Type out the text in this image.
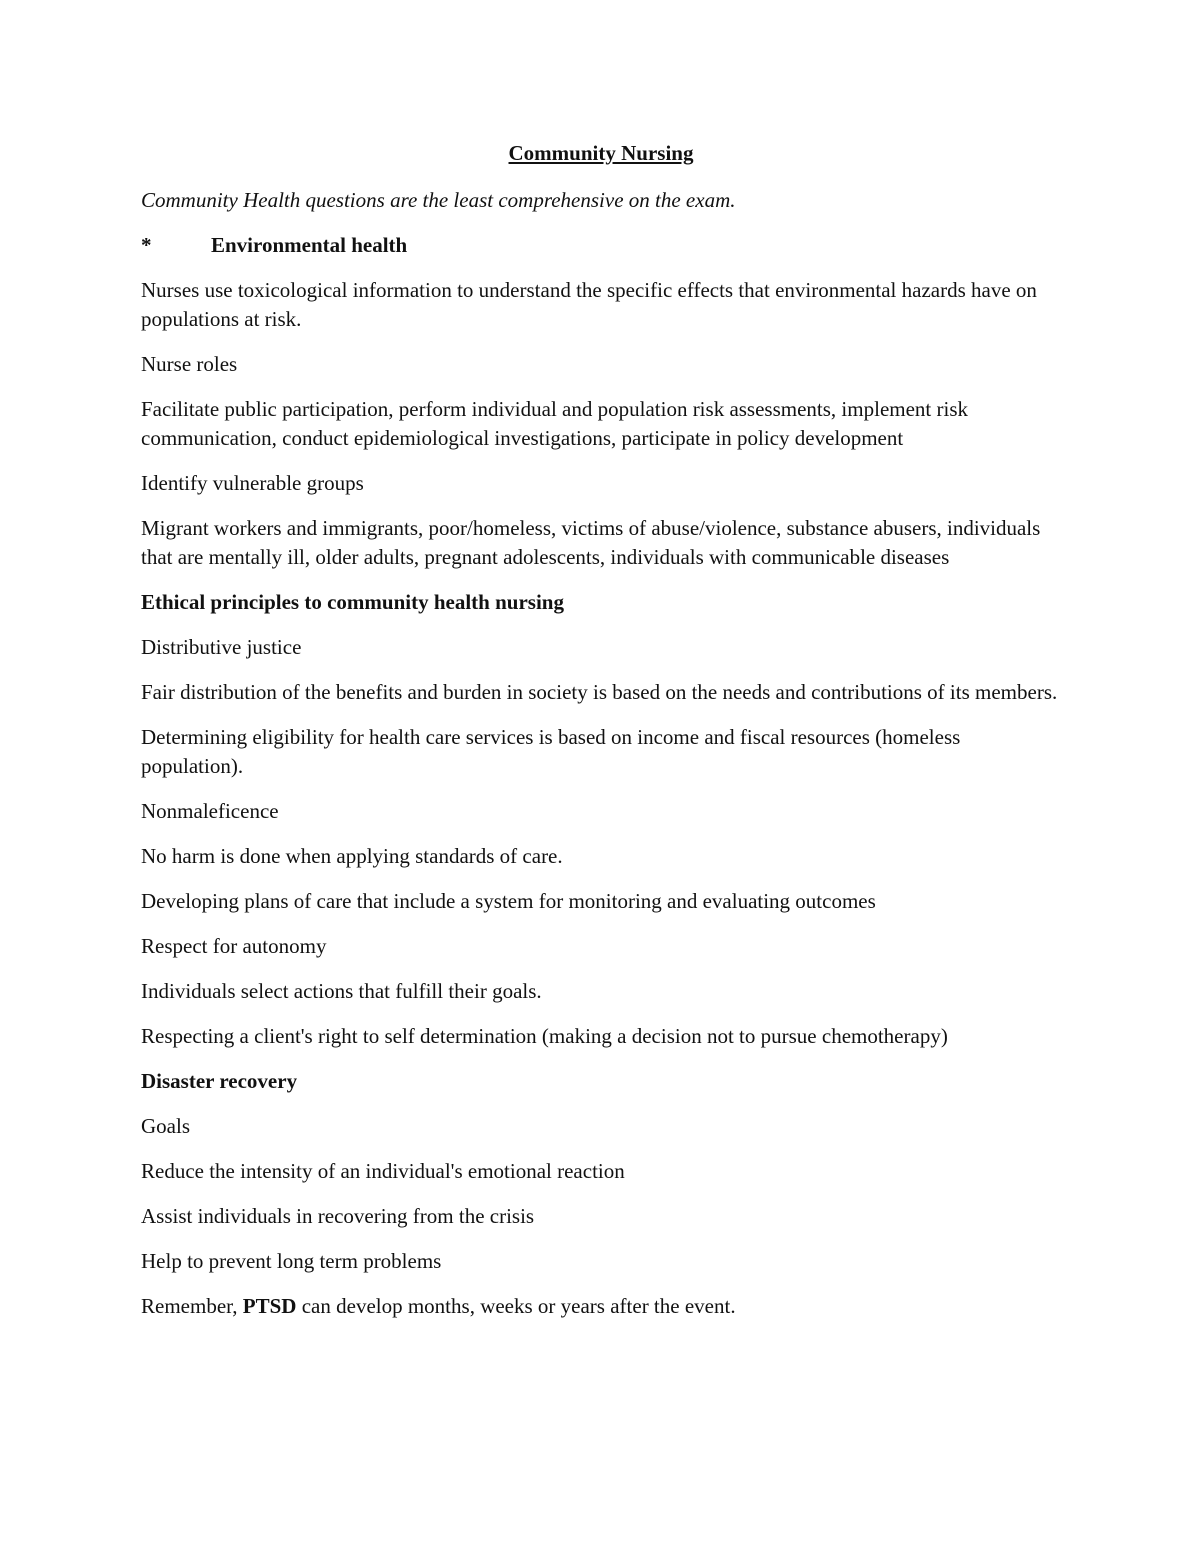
Community Nursing
Community Health questions are the least comprehensive on the exam.
*	Environmental health
Nurses use toxicological information to understand the specific effects that environmental hazards have on populations at risk.
Nurse roles
Facilitate public participation, perform individual and population risk assessments, implement risk communication, conduct epidemiological investigations, participate in policy development
Identify vulnerable groups
Migrant workers and immigrants, poor/homeless, victims of abuse/violence, substance abusers, individuals that are mentally ill, older adults, pregnant adolescents, individuals with communicable diseases
Ethical principles to community health nursing
Distributive justice
Fair distribution of the benefits and burden in society is based on the needs and contributions of its members.
Determining eligibility for health care services is based on income and fiscal resources (homeless population).
Nonmaleficence
No harm is done when applying standards of care.
Developing plans of care that include a system for monitoring and evaluating outcomes
Respect for autonomy
Individuals select actions that fulfill their goals.
Respecting a client's right to self determination (making a decision not to pursue chemotherapy)
Disaster recovery
Goals
Reduce the intensity of an individual's emotional reaction
Assist individuals in recovering from the crisis
Help to prevent long term problems
Remember, PTSD can develop months, weeks or years after the event.
